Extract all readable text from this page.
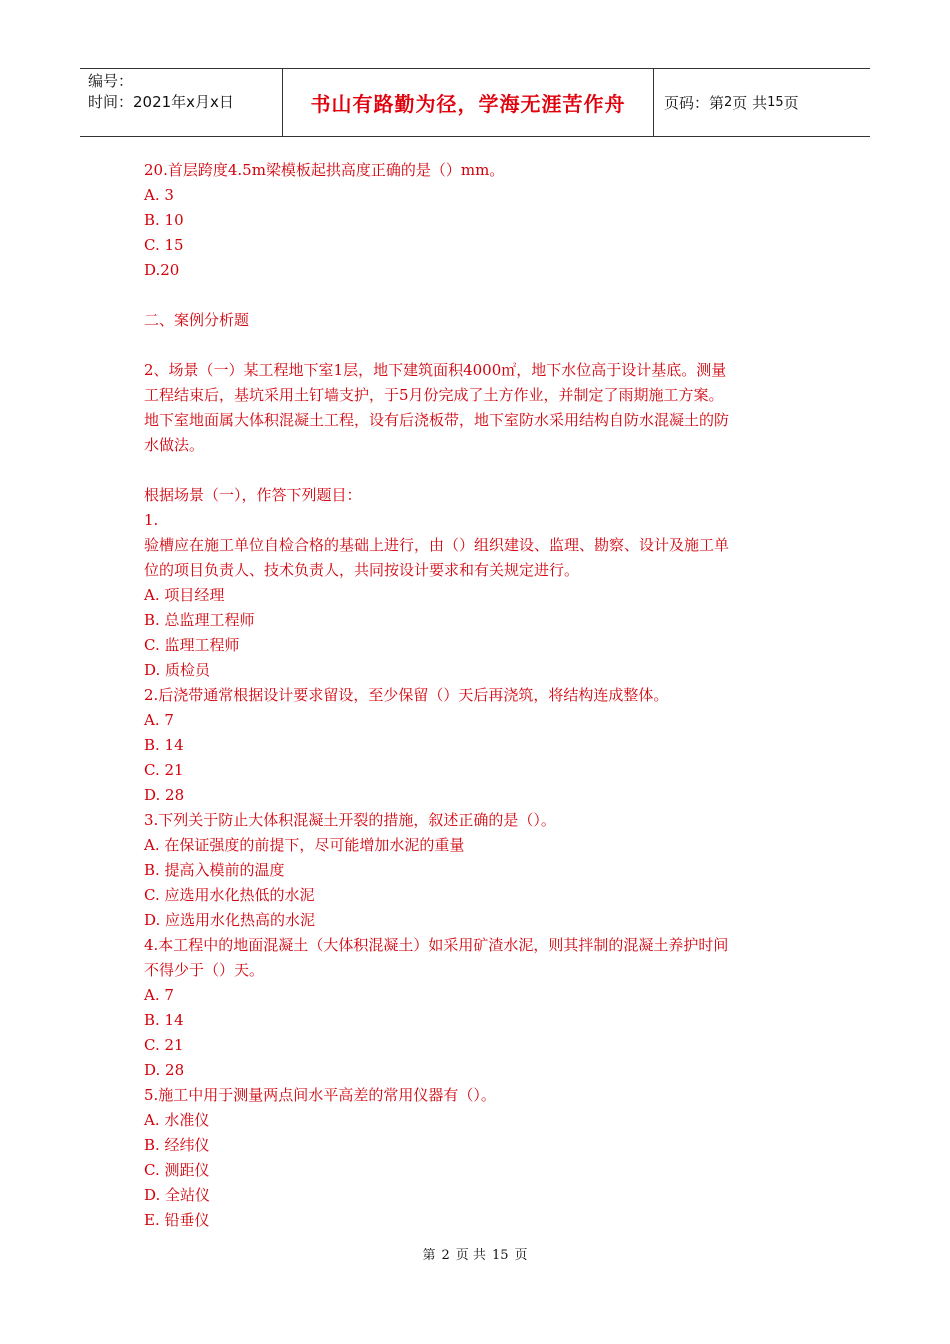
编号：
时间：2021年x月x日	书山有路勤为径，学海无涯苦作舟	页码：第 2 页 共 15 页
20.首层跨度4.5m梁模板起拱高度正确的是（）mm。
A. 3
B. 10
C. 15
D.20
二、案例分析题
2、场景（一）某工程地下室1层，地下建筑面积4000㎡，地下水位高于设计基底。测量
工程结束后，基坑采用土钉墙支护，于5月份完成了土方作业，并制定了雨期施工方案。
地下室地面属大体积混凝土工程，设有后浇板带，地下室防水采用结构自防水混凝土的防
水做法。
根据场景（一），作答下列题目：
1.
验槽应在施工单位自检合格的基础上进行，由（）组织建设、监理、勘察、设计及施工单
位的项目负责人、技术负责人，共同按设计要求和有关规定进行。
A. 项目经理
B. 总监理工程师
C. 监理工程师
D. 质检员
2.后浇带通常根据设计要求留设，至少保留（）天后再浇筑，将结构连成整体。
A. 7
B. 14
C. 21
D. 28
3.下列关于防止大体积混凝土开裂的措施，叙述正确的是（）。
A. 在保证强度的前提下，尽可能增加水泥的重量
B. 提高入模前的温度
C. 应选用水化热低的水泥
D. 应选用水化热高的水泥
4.本工程中的地面混凝土（大体积混凝土）如采用矿渣水泥，则其拌制的混凝土养护时间
不得少于（）天。
A. 7
B. 14
C. 21
D. 28
5.施工中用于测量两点间水平高差的常用仪器有（）。
A. 水准仪
B. 经纬仪
C. 测距仪
D. 全站仪
E. 铅垂仪
第 2 页 共 15 页
